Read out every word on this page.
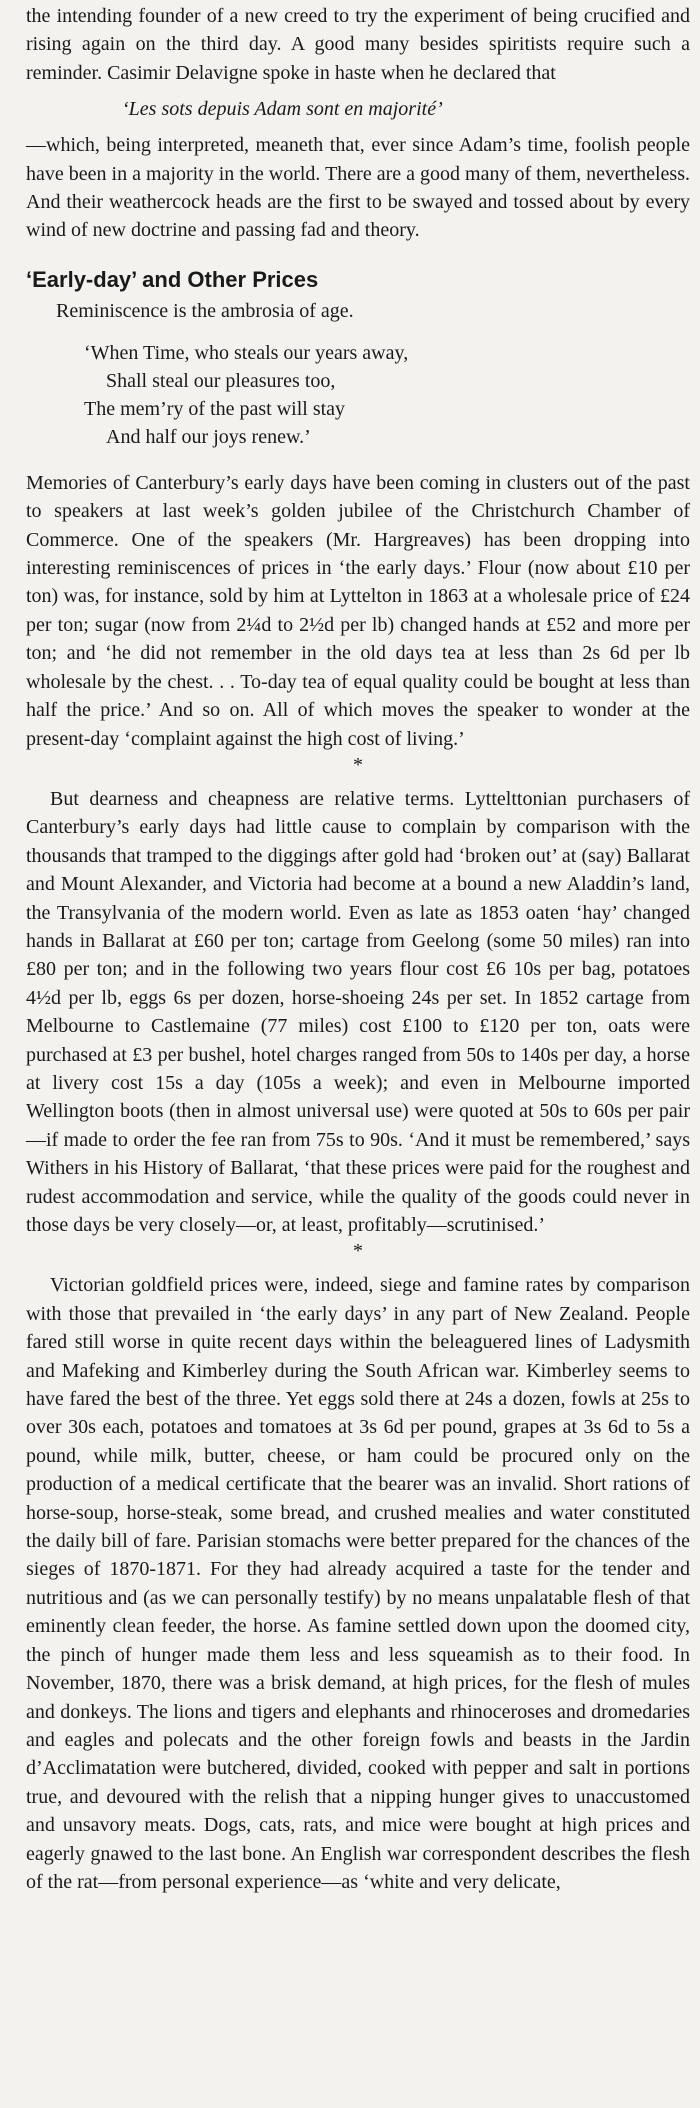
the intending founder of a new creed to try the experiment of being crucified and rising again on the third day. A good many besides spiritists require such a reminder. Casimir Delavigne spoke in haste when he declared that

‘Les sots depuis Adam sont en majorité’

—which, being interpreted, meaneth that, ever since Adam’s time, foolish people have been in a majority in the world. There are a good many of them, nevertheless. And their weathercock heads are the first to be swayed and tossed about by every wind of new doctrine and passing fad and theory.

‘Early-day’ and Other Prices
Reminiscence is the ambrosia of age.
‘When Time, who steals our years away,
Shall steal our pleasures too,
The mem’ry of the past will stay
And half our joys renew.’

Memories of Canterbury’s early days have been coming in clusters out of the past to speakers at last week’s golden jubilee of the Christchurch Chamber of Commerce. One of the speakers (Mr. Hargreaves) has been dropping into interesting reminiscences of prices in ‘the early days.’ Flour (now about £10 per ton) was, for instance, sold by him at Lyttelton in 1863 at a wholesale price of £24 per ton; sugar (now from 2¼d to 2½d per lb) changed hands at £52 and more per ton; and ‘he did not remember in the old days tea at less than 2s 6d per lb wholesale by the chest. . . To-day tea of equal quality could be bought at less than half the price.’ And so on. All of which moves the speaker to wonder at the present-day ‘complaint against the high cost of living.’

*

But dearness and cheapness are relative terms. Lyttelttonian purchasers of Canterbury’s early days had little cause to complain by comparison with the thousands that tramped to the diggings after gold had ‘broken out’ at (say) Ballarat and Mount Alexander, and Victoria had become at a bound a new Aladdin’s land, the Transylvania of the modern world. Even as late as 1853 oaten ‘hay’ changed hands in Ballarat at £60 per ton; cartage from Geelong (some 50 miles) ran into £80 per ton; and in the following two years flour cost £6 10s per bag, potatoes 4½d per lb, eggs 6s per dozen, horse-shoeing 24s per set. In 1852 cartage from Melbourne to Castlemaine (77 miles) cost £100 to £120 per ton, oats were purchased at £3 per bushel, hotel charges ranged from 50s to 140s per day, a horse at livery cost 15s a day (105s a week); and even in Melbourne imported Wellington boots (then in almost universal use) were quoted at 50s to 60s per pair—if made to order the fee ran from 75s to 90s. ‘And it must be remembered,’ says Withers in his History of Ballarat, ‘that these prices were paid for the roughest and rudest accommodation and service, while the quality of the goods could never in those days be very closely—or, at least, profitably—scrutinised.’

*

Victorian goldfield prices were, indeed, siege and famine rates by comparison with those that prevailed in ‘the early days’ in any part of New Zealand. People fared still worse in quite recent days within the beleaguered lines of Ladysmith and Mafeking and Kimberley during the South African war. Kimberley seems to have fared the best of the three. Yet eggs sold there at 24s a dozen, fowls at 25s to over 30s each, potatoes and tomatoes at 3s 6d per pound, grapes at 3s 6d to 5s a pound, while milk, butter, cheese, or ham could be procured only on the production of a medical certificate that the bearer was an invalid. Short rations of horse-soup, horse-steak, some bread, and crushed mealies and water constituted the daily bill of fare. Parisian stomachs were better prepared for the chances of the sieges of 1870-1871. For they had already acquired a taste for the tender and nutritious and (as we can personally testify) by no means unpalatable flesh of that eminently clean feeder, the horse. As famine settled down upon the doomed city, the pinch of hunger made them less and less squeamish as to their food. In November, 1870, there was a brisk demand, at high prices, for the flesh of mules and donkeys. The lions and tigers and elephants and rhinoceroses and dromedaries and eagles and polecats and the other foreign fowls and beasts in the Jardin d’Acclimatation were butchered, divided, cooked with pepper and salt in portions true, and devoured with the relish that a nipping hunger gives to unaccustomed and unsavory meats. Dogs, cats, rats, and mice were bought at high prices and eagerly gnawed to the last bone. An English war correspondent describes the flesh of the rat—from personal experience—as ‘white and very delicate,
